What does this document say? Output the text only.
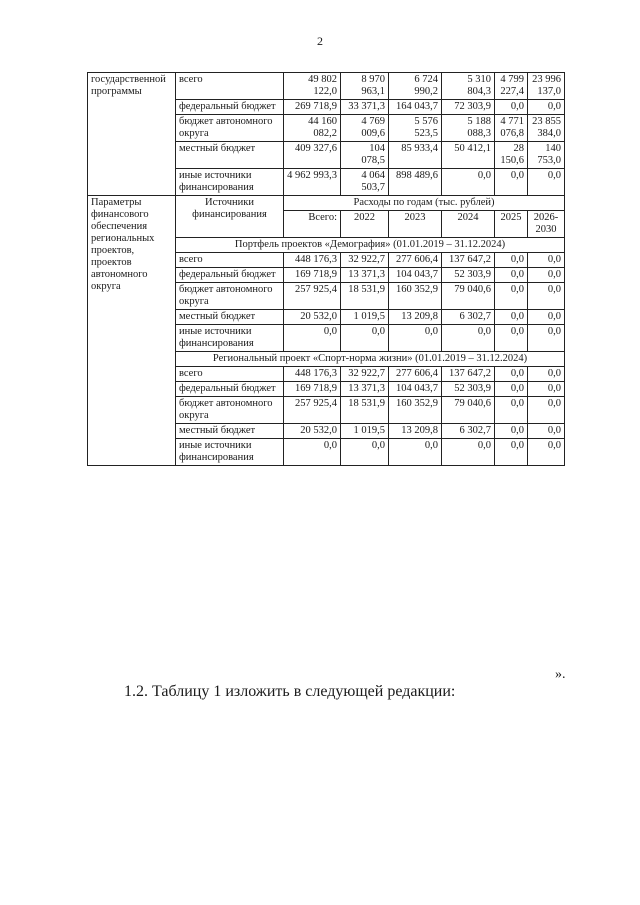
2
государственной программы	всего	49 802 122,0	8 970 963,1	6 724 990,2	5 310 804,3	4 799 227,4	23 996 137,0
	федеральный бюджет	269 718,9	33 371,3	164 043,7	72 303,9	0,0	0,0
	бюджет автономного округа	44 160 082,2	4 769 009,6	5 576 523,5	5 188 088,3	4 771 076,8	23 855 384,0
	местный бюджет	409 327,6	104 078,5	85 933,4	50 412,1	28 150,6	140 753,0
	иные источники финансирования	4 962 993,3	4 064 503,7	898 489,6	0,0	0,0	0,0
Параметры финансового обеспечения региональных проектов, проектов автономного округа	Источники финансирования	Расходы по годам (тыс. рублей)					
		Всего:	2022	2023	2024	2025	2026-2030
	Портфель проектов «Демография» (01.01.2019 – 31.12.2024)						
	всего	448 176,3	32 922,7	277 606,4	137 647,2	0,0	0,0
	федеральный бюджет	169 718,9	13 371,3	104 043,7	52 303,9	0,0	0,0
	бюджет автономного округа	257 925,4	18 531,9	160 352,9	79 040,6	0,0	0,0
	местный бюджет	20 532,0	1 019,5	13 209,8	6 302,7	0,0	0,0
	иные источники финансирования	0,0	0,0	0,0	0,0	0,0	0,0
	Региональный проект «Спорт-норма жизни» (01.01.2019 – 31.12.2024)						
	всего	448 176,3	32 922,7	277 606,4	137 647,2	0,0	0,0
	федеральный бюджет	169 718,9	13 371,3	104 043,7	52 303,9	0,0	0,0
	бюджет автономного округа	257 925,4	18 531,9	160 352,9	79 040,6	0,0	0,0
	местный бюджет	20 532,0	1 019,5	13 209,8	6 302,7	0,0	0,0
	иные источники финансирования	0,0	0,0	0,0	0,0	0,0	0,0
».
1.2. Таблицу 1 изложить в следующей редакции:
